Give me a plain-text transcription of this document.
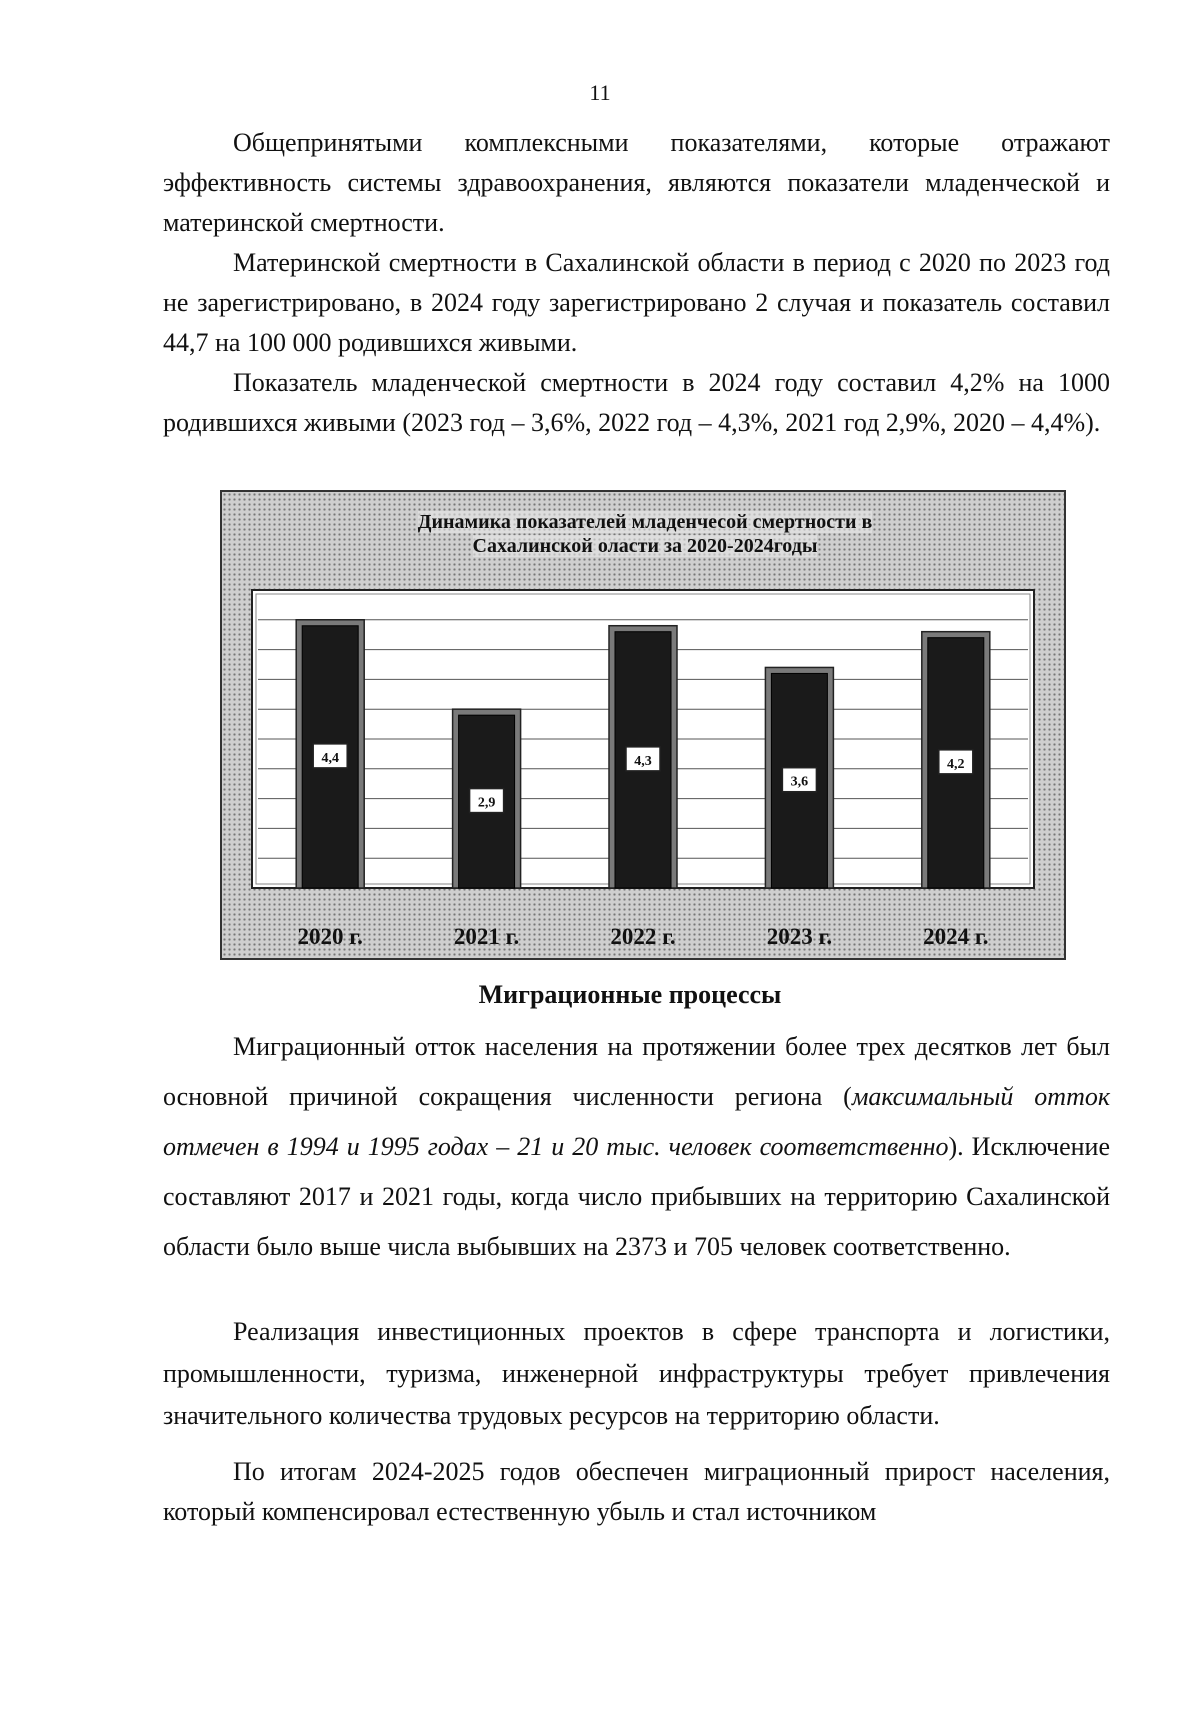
11

Общепринятыми комплексными показателями, которые отражают эффективность системы здравоохранения, являются показатели младенческой и материнской смертности.

Материнской смертности в Сахалинской области в период с 2020 по 2023 год не зарегистрировано, в 2024 году зарегистрировано 2 случая и показатель составил 44,7 на 100 000 родившихся живыми.

Показатель младенческой смертности в 2024 году составил 4,2% на 1000 родившихся живыми (2023 год – 3,6%, 2022 год – 4,3%, 2021 год 2,9%, 2020 – 4,4%).

4,4
2020 г.
2,9
2021 г.
4,3
2022 г.
3,6
2023 г.
4,2
2024 г.
Динамика показателей младенчесой смертности в
Сахалинской оласти за 2020-2024годы
Миграционные процессы

Миграционный отток населения на протяжении более трех десятков лет был основной причиной сокращения численности региона (максимальный отток отмечен в 1994 и 1995 годах – 21 и 20 тыс. человек соответственно). Исключение составляют 2017 и 2021 годы, когда число прибывших на территорию Сахалинской области было выше числа выбывших на 2373 и 705 человек соответственно.

Реализация инвестиционных проектов в сфере транспорта и логистики, промышленности, туризма, инженерной инфраструктуры требует привлечения значительного количества трудовых ресурсов на территорию области.

По итогам 2024-2025 годов обеспечен миграционный прирост населения, который компенсировал естественную убыль и стал источником
